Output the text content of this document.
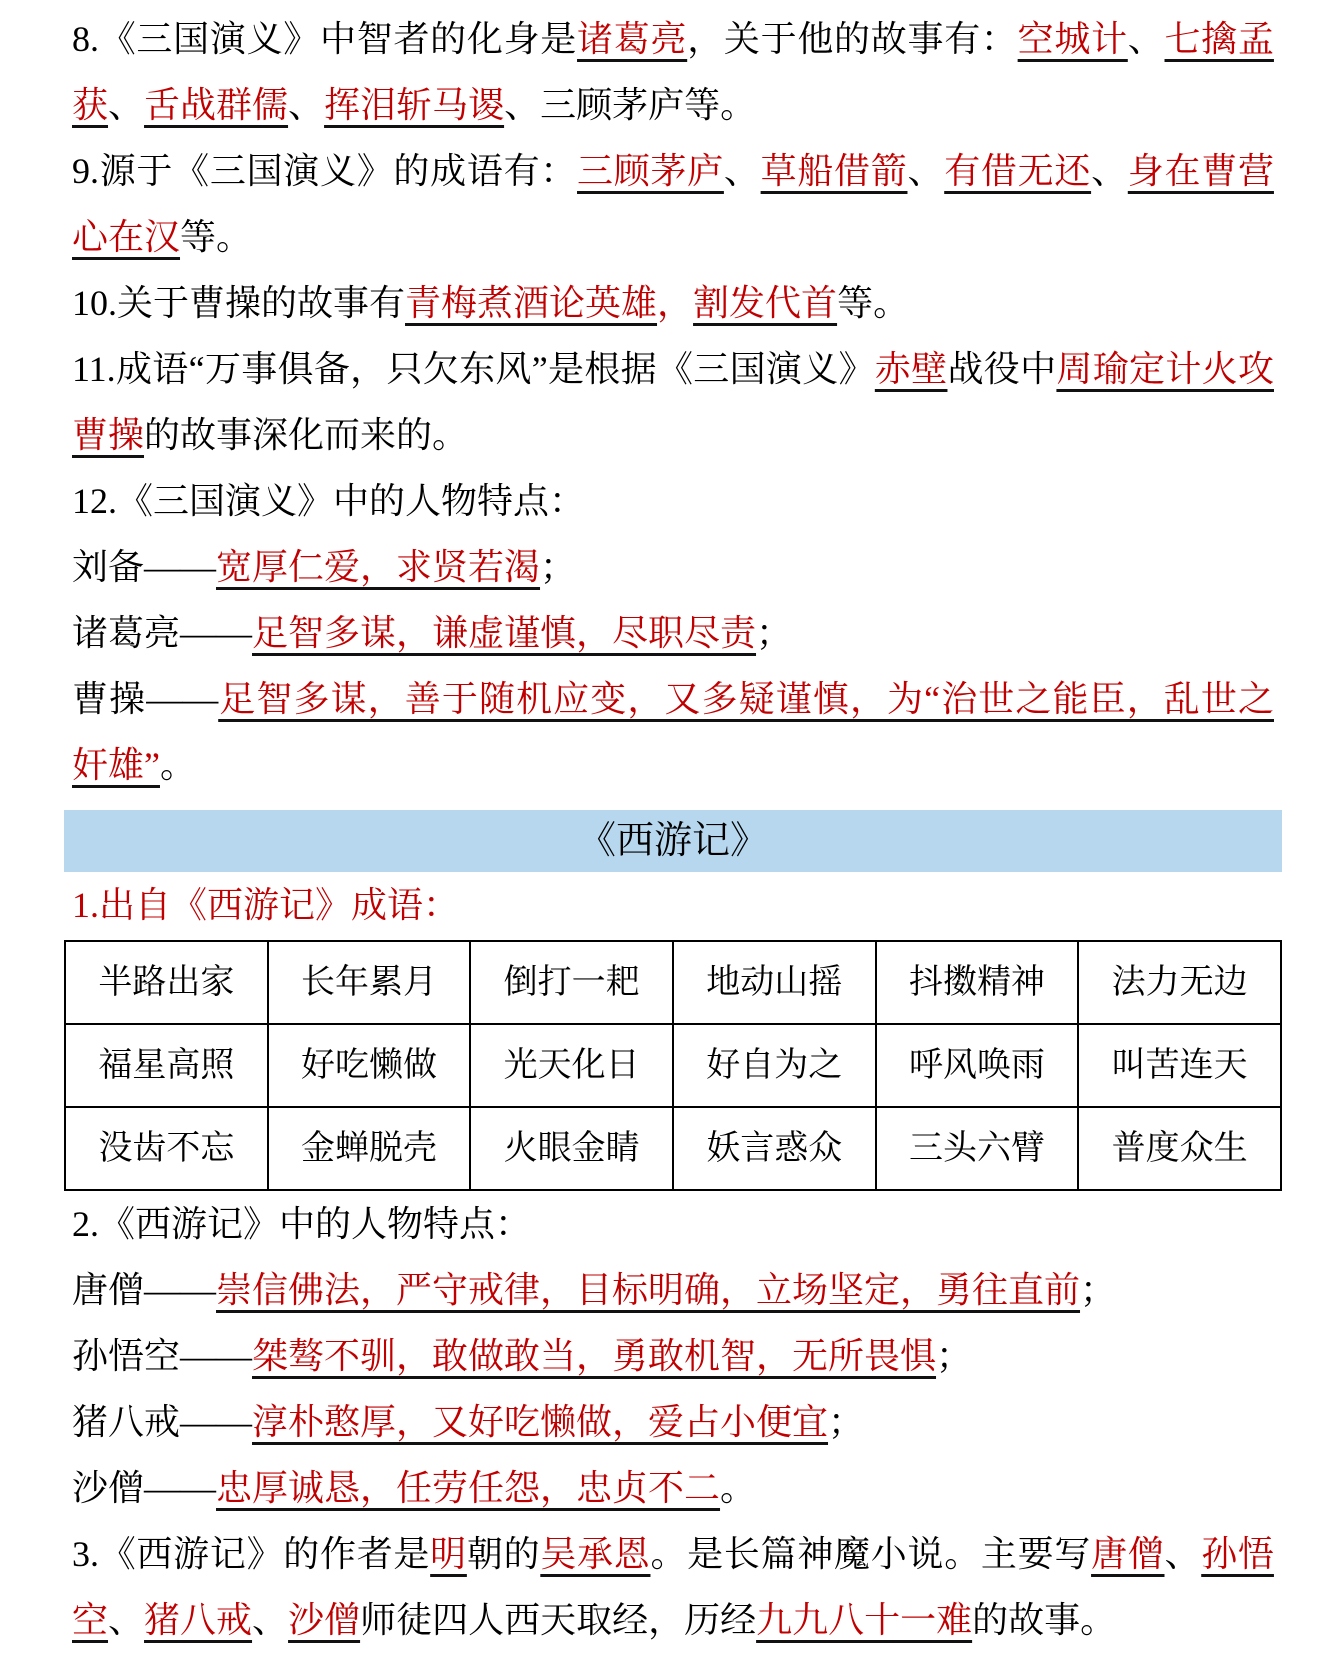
8.《三国演义》中智者的化身是诸葛亮，关于他的故事有：空城计、七擒孟获、舌战群儒、挥泪斩马谡、三顾茅庐等。

9.源于《三国演义》的成语有：三顾茅庐、草船借箭、有借无还、身在曹营心在汉等。

10.关于曹操的故事有青梅煮酒论英雄，割发代首等。

11.成语“万事俱备，只欠东风”是根据《三国演义》赤壁战役中周瑜定计火攻曹操的故事深化而来的。

12.《三国演义》中的人物特点：

刘备——宽厚仁爱，求贤若渴；

诸葛亮——足智多谋，谦虚谨慎，尽职尽责；

曹操——足智多谋，善于随机应变，又多疑谨慎，为“治世之能臣，乱世之奸雄”。

《西游记》

1.出自《西游记》成语：

半路出家	长年累月	倒打一耙	地动山摇	抖擞精神	法力无边
福星高照	好吃懒做	光天化日	好自为之	呼风唤雨	叫苦连天
没齿不忘	金蝉脱壳	火眼金睛	妖言惑众	三头六臂	普度众生

2.《西游记》中的人物特点：

唐僧——崇信佛法，严守戒律，目标明确，立场坚定，勇往直前；

孙悟空——桀骜不驯，敢做敢当，勇敢机智，无所畏惧；

猪八戒——淳朴憨厚，又好吃懒做，爱占小便宜；

沙僧——忠厚诚恳，任劳任怨，忠贞不二。

3.《西游记》的作者是明朝的吴承恩。是长篇神魔小说。主要写唐僧、孙悟空、猪八戒、沙僧师徒四人西天取经，历经九九八十一难的故事。
